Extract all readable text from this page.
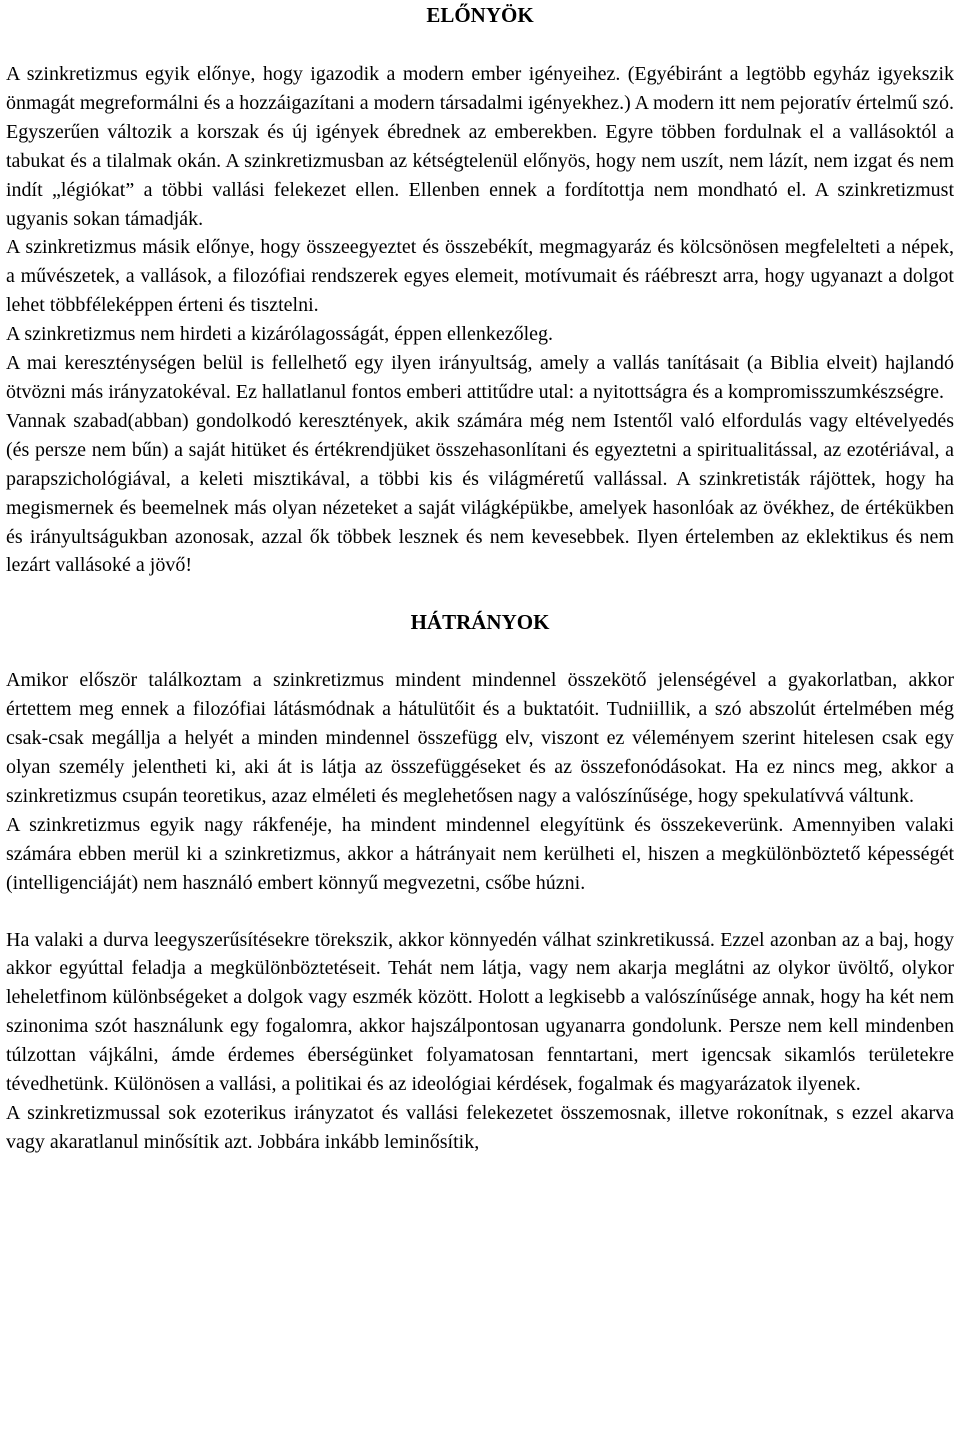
ELŐNYÖK

A szinkretizmus egyik előnye, hogy igazodik a modern ember igényeihez. (Egyébiránt a legtöbb egyház igyekszik önmagát megreformálni és a hozzáigazítani a modern társadalmi igényekhez.) A modern itt nem pejoratív értelmű szó. Egyszerűen változik a korszak és új igények ébrednek az emberekben. Egyre többen fordulnak el a vallásoktól a tabukat és a tilalmak okán. A szinkretizmusban az kétségtelenül előnyös, hogy nem uszít, nem lázít, nem izgat és nem indít „légiókat” a többi vallási felekezet ellen. Ellenben ennek a fordítottja nem mondható el. A szinkretizmust ugyanis sokan támadják.

A szinkretizmus másik előnye, hogy összeegyeztet és összebékít, megmagyaráz és kölcsönösen megfelelteti a népek, a művészetek, a vallások, a filozófiai rendszerek egyes elemeit, motívumait és ráébreszt arra, hogy ugyanazt a dolgot lehet többféleképpen érteni és tisztelni.

A szinkretizmus nem hirdeti a kizárólagosságát, éppen ellenkezőleg.

A mai kereszténységen belül is fellelhető egy ilyen irányultság, amely a vallás tanításait (a Biblia elveit) hajlandó ötvözni más irányzatokéval. Ez hallatlanul fontos emberi attitűdre utal: a nyitottságra és a kompromisszumkészségre.

Vannak szabad(abban) gondolkodó keresztények, akik számára még nem Istentől való elfordulás vagy eltévelyedés (és persze nem bűn) a saját hitüket és értékrendjüket összehasonlítani és egyeztetni a spiritualitással, az ezotériával, a parapszichológiával, a keleti misztikával, a többi kis és világméretű vallással. A szinkretisták rájöttek, hogy ha megismernek és beemelnek más olyan nézeteket a saját világképükbe, amelyek hasonlóak az övékhez, de értékükben és irányultságukban azonosak, azzal ők többek lesznek és nem kevesebbek. Ilyen értelemben az eklektikus és nem lezárt vallásoké a jövő!

HÁTRÁNYOK

Amikor először találkoztam a szinkretizmus mindent mindennel összekötő jelenségével a gyakorlatban, akkor értettem meg ennek a filozófiai látásmódnak a hátulütőit és a buktatóit. Tudniillik, a szó abszolút értelmében még csak-csak megállja a helyét a minden mindennel összefügg elv, viszont ez véleményem szerint hitelesen csak egy olyan személy jelentheti ki, aki át is látja az összefüggéseket és az összefonódásokat. Ha ez nincs meg, akkor a szinkretizmus csupán teoretikus, azaz elméleti és meglehetősen nagy a valószínűsége, hogy spekulatívvá váltunk.

A szinkretizmus egyik nagy rákfenéje, ha mindent mindennel elegyítünk és összekeverünk. Amennyiben valaki számára ebben merül ki a szinkretizmus, akkor a hátrányait nem kerülheti el, hiszen a megkülönböztető képességét (intelligenciáját) nem használó embert könnyű megvezetni, csőbe húzni.

Ha valaki a durva leegyszerűsítésekre törekszik, akkor könnyedén válhat szinkretikussá. Ezzel azonban az a baj, hogy akkor egyúttal feladja a megkülönböztetéseit. Tehát nem látja, vagy nem akarja meglátni az olykor üvöltő, olykor leheletfinom különbségeket a dolgok vagy eszmék között. Holott a legkisebb a valószínűsége annak, hogy ha két nem szinonima szót használunk egy fogalomra, akkor hajszálpontosan ugyanarra gondolunk. Persze nem kell mindenben túlzottan vájkálni, ámde érdemes éberségünket folyamatosan fenntartani, mert igencsak sikamlós területekre tévedhetünk. Különösen a vallási, a politikai és az ideológiai kérdések, fogalmak és magyarázatok ilyenek.

A szinkretizmussal sok ezoterikus irányzatot és vallási felekezetet összemosnak, illetve rokonítnak, s ezzel akarva vagy akaratlanul minősítik azt. Jobbára inkább leminősítik,
